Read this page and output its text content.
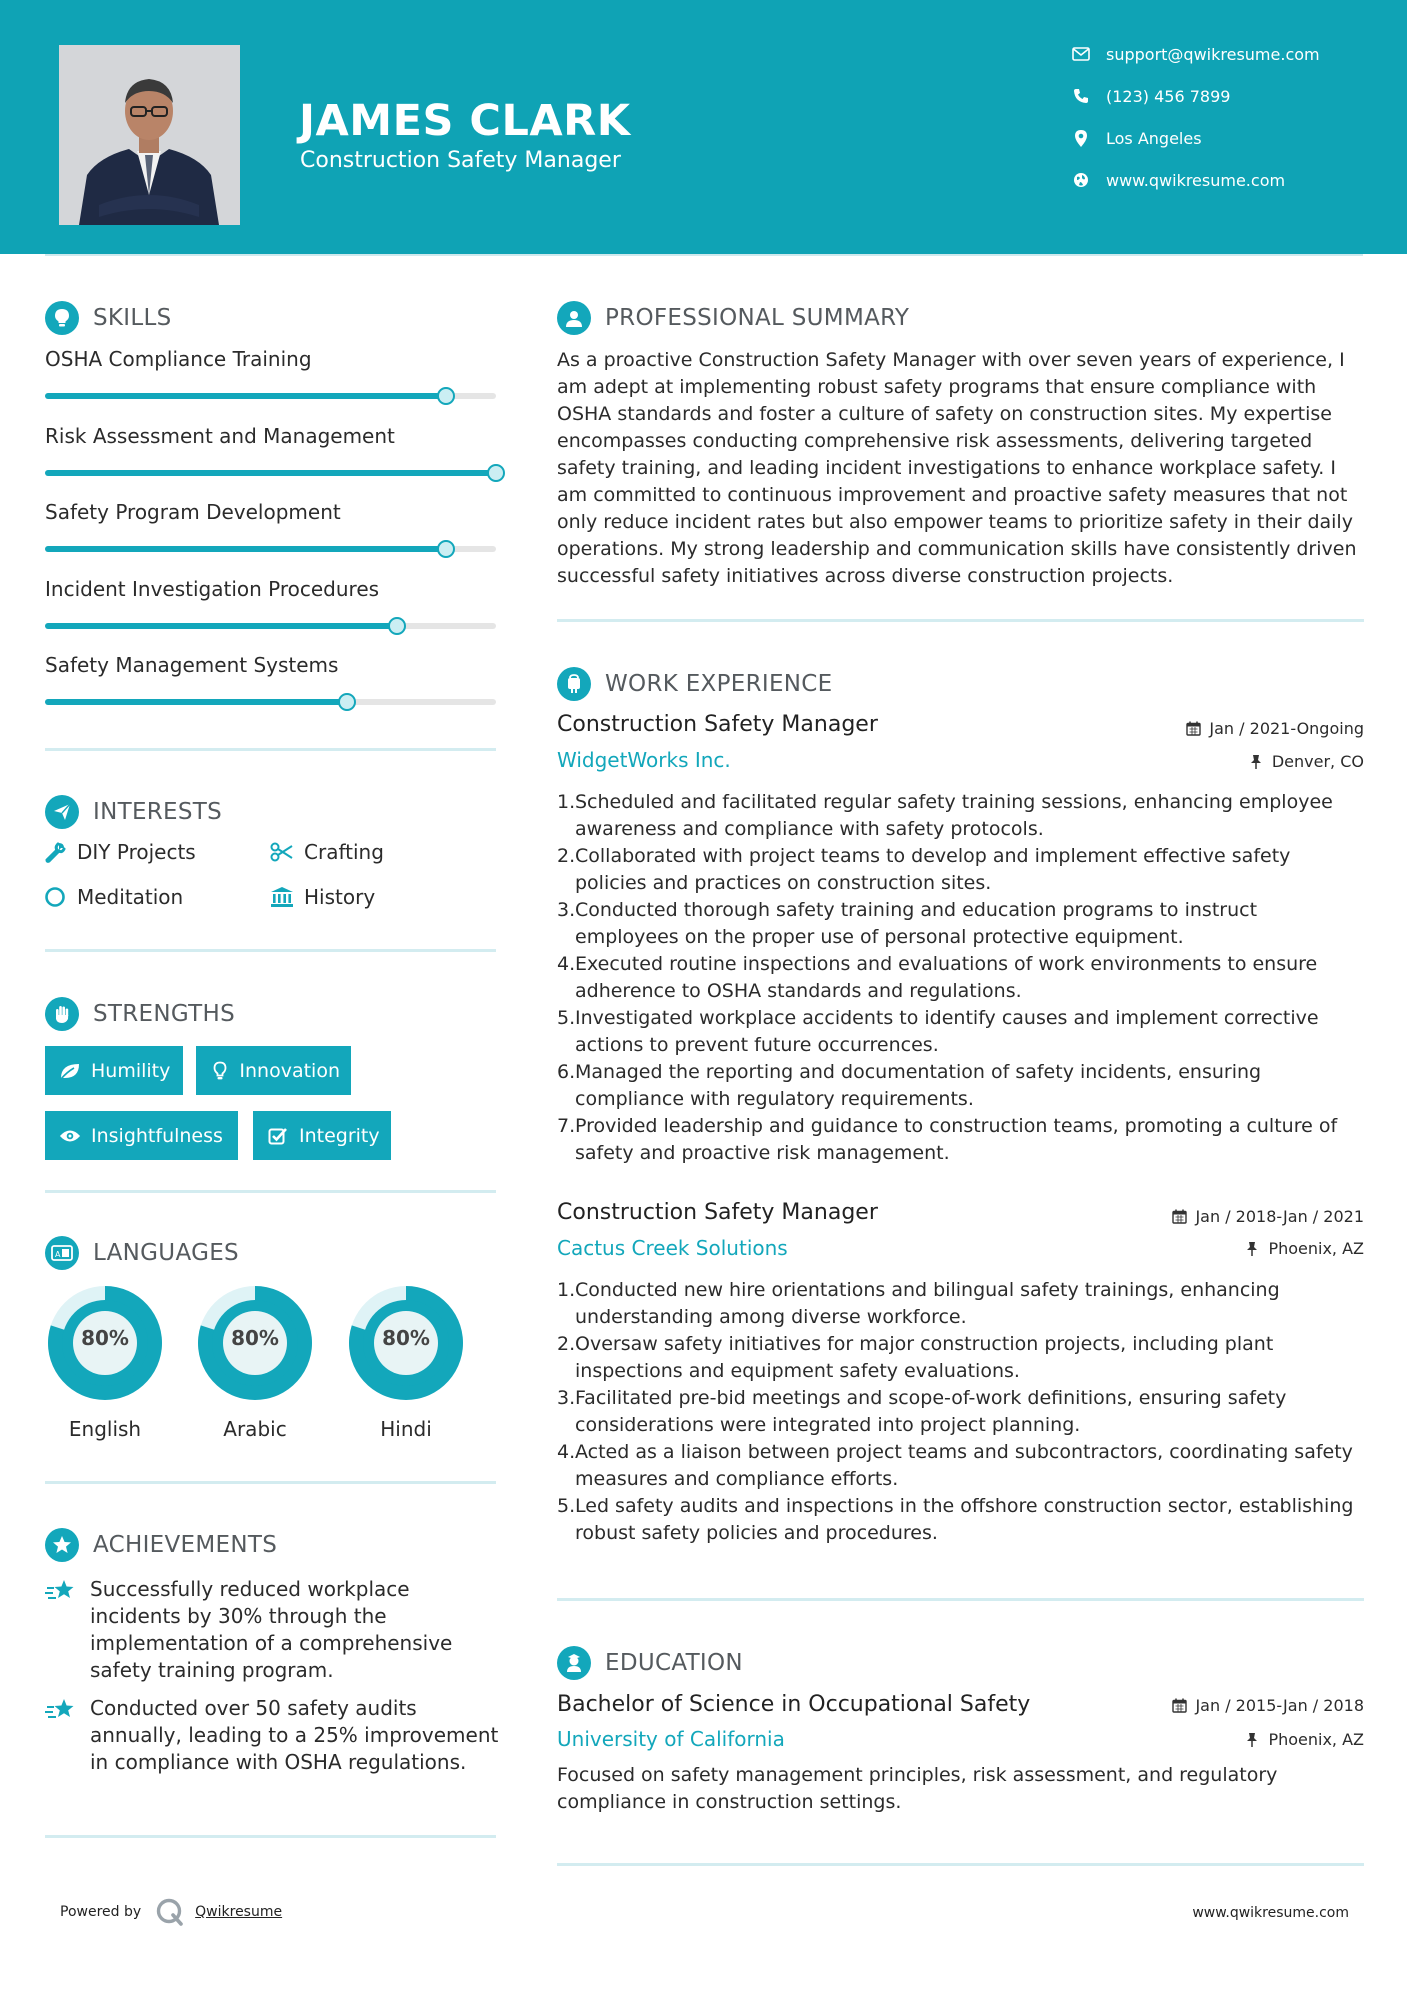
JAMES CLARK
Construction Safety Manager
support@qwikresume.com
(123) 456 7899
Los Angeles
www.qwikresume.com
SKILLS
OSHA Compliance Training
Risk Assessment and Management
Safety Program Development
Incident Investigation Procedures
Safety Management Systems
INTERESTS
DIY Projects	Crafting
Meditation	History
STRENGTHS
Humility	Innovation
Insightfulness	Integrity
A LANGUAGES
80%
English
80%
Arabic
80%
Hindi
ACHIEVEMENTS
Successfully reduced workplace incidents by 30% through the implementation of a comprehensive safety training program.
Conducted over 50 safety audits annually, leading to a 25% improvement in compliance with OSHA regulations.
PROFESSIONAL SUMMARY
As a proactive Construction Safety Manager with over seven years of experience, I am adept at implementing robust safety programs that ensure compliance with OSHA standards and foster a culture of safety on construction sites. My expertise encompasses conducting comprehensive risk assessments, delivering targeted safety training, and leading incident investigations to enhance workplace safety. I am committed to continuous improvement and proactive safety measures that not only reduce incident rates but also empower teams to prioritize safety in their daily operations. My strong leadership and communication skills have consistently driven successful safety initiatives across diverse construction projects.
WORK EXPERIENCE
Construction Safety Manager	Jan / 2021-Ongoing
WidgetWorks Inc.	Denver, CO
1. Scheduled and facilitated regular safety training sessions, enhancing employee awareness and compliance with safety protocols.
2. Collaborated with project teams to develop and implement effective safety policies and practices on construction sites.
3. Conducted thorough safety training and education programs to instruct employees on the proper use of personal protective equipment.
4. Executed routine inspections and evaluations of work environments to ensure adherence to OSHA standards and regulations.
5. Investigated workplace accidents to identify causes and implement corrective actions to prevent future occurrences.
6. Managed the reporting and documentation of safety incidents, ensuring compliance with regulatory requirements.
7. Provided leadership and guidance to construction teams, promoting a culture of safety and proactive risk management.
Construction Safety Manager	Jan / 2018-Jan / 2021
Cactus Creek Solutions	Phoenix, AZ
1. Conducted new hire orientations and bilingual safety trainings, enhancing understanding among diverse workforce.
2. Oversaw safety initiatives for major construction projects, including plant inspections and equipment safety evaluations.
3. Facilitated pre-bid meetings and scope-of-work definitions, ensuring safety considerations were integrated into project planning.
4. Acted as a liaison between project teams and subcontractors, coordinating safety measures and compliance efforts.
5. Led safety audits and inspections in the offshore construction sector, establishing robust safety policies and procedures.
EDUCATION
Bachelor of Science in Occupational Safety	Jan / 2015-Jan / 2018
University of California	Phoenix, AZ
Focused on safety management principles, risk assessment, and regulatory compliance in construction settings.
Powered by	Qwikresume	www.qwikresume.com
